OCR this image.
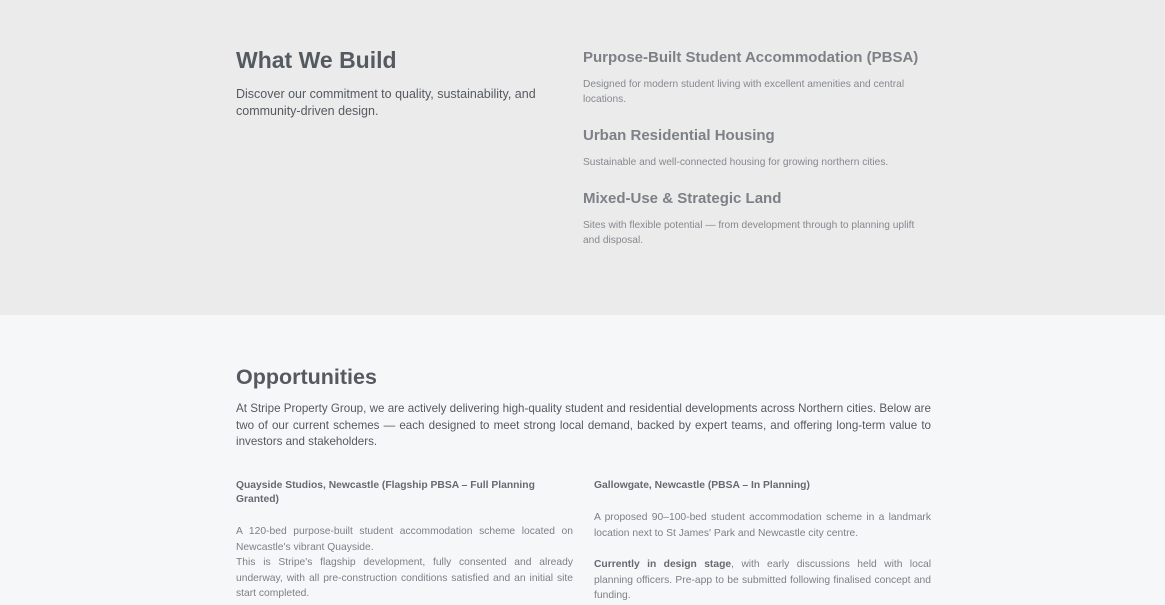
What We Build

Discover our commitment to quality, sustainability, and community-driven design.

Purpose-Built Student Accommodation (PBSA)

Designed for modern student living with excellent amenities and central locations.

Urban Residential Housing

Sustainable and well-connected housing for growing northern cities.

Mixed-Use & Strategic Land

Sites with flexible potential — from development through to planning uplift and disposal.

Opportunities

At Stripe Property Group, we are actively delivering high-quality student and residential developments across Northern cities. Below are two of our current schemes — each designed to meet strong local demand, backed by expert teams, and offering long-term value to investors and stakeholders.

Quayside Studios, Newcastle (Flagship PBSA – Full Planning Granted)

A 120-bed purpose-built student accommodation scheme located on Newcastle's vibrant Quayside.

This is Stripe's flagship development, fully consented and already underway, with all pre-construction conditions satisfied and an initial site start completed.

Gallowgate, Newcastle (PBSA – In Planning)

A proposed 90–100-bed student accommodation scheme in a landmark location next to St James' Park and Newcastle city centre.

Currently in design stage, with early discussions held with local planning officers. Pre-app to be submitted following finalised concept and funding.
